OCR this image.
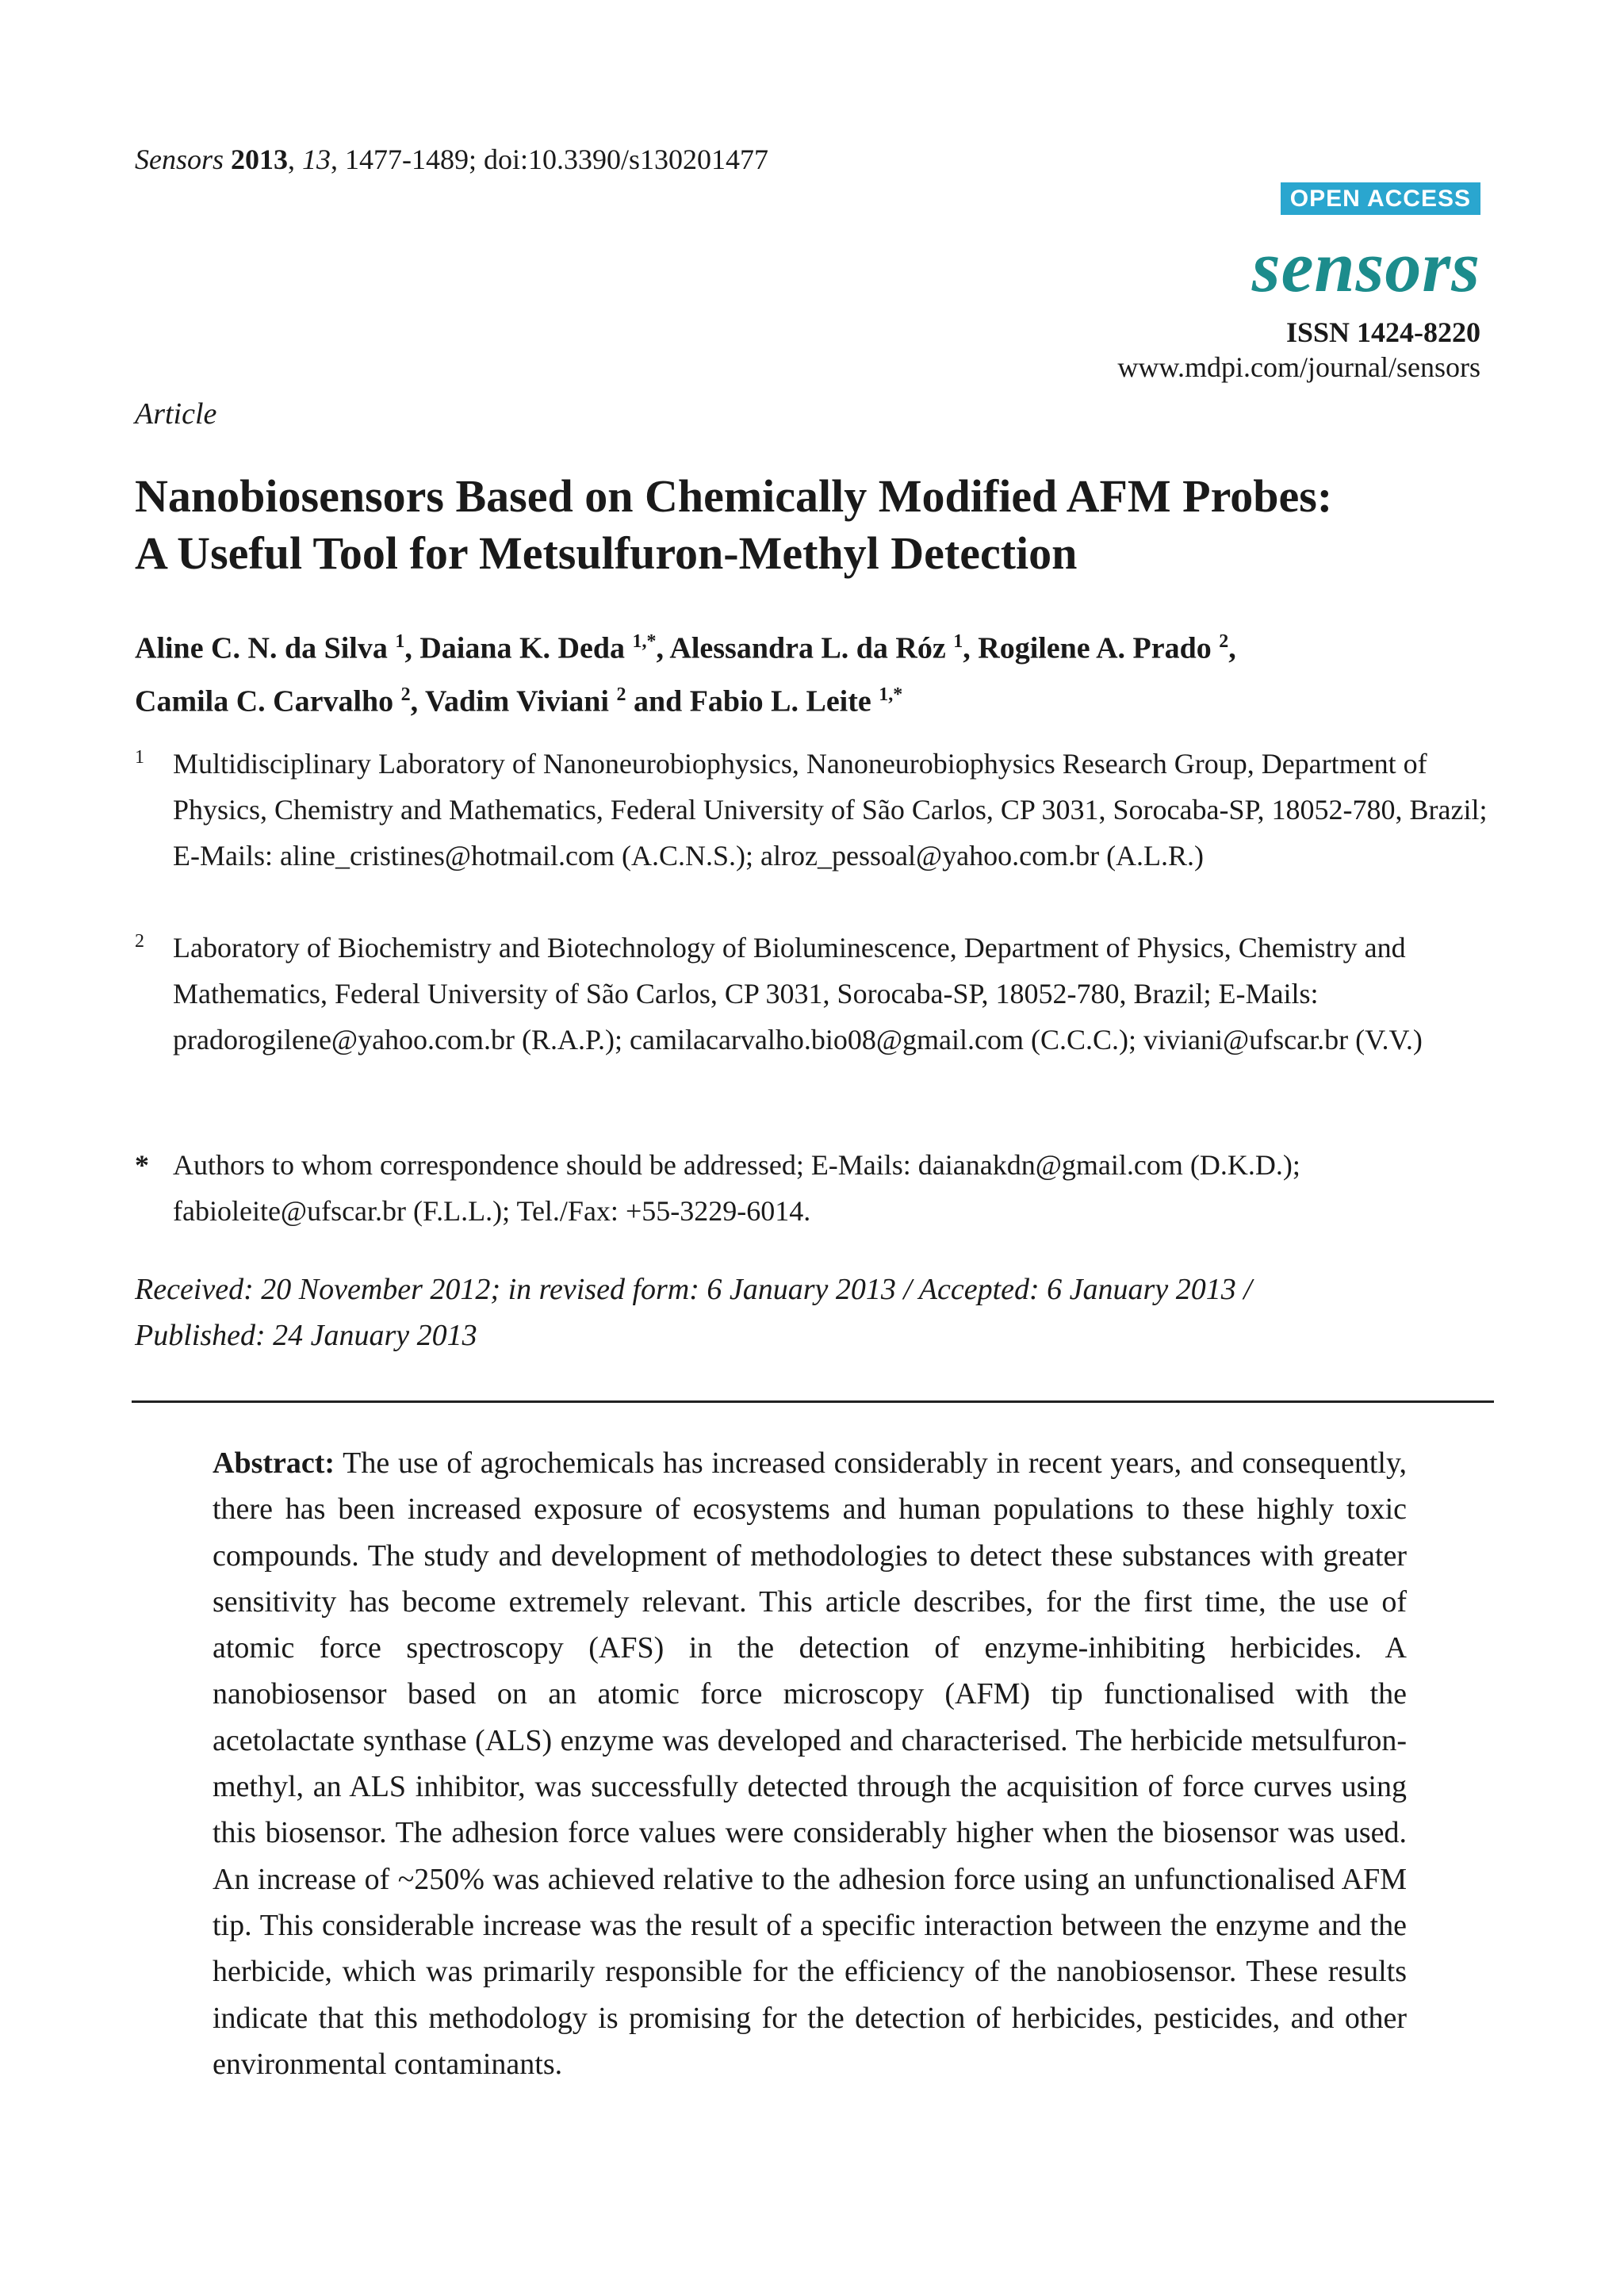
Sensors 2013, 13, 1477-1489; doi:10.3390/s130201477
OPEN ACCESS
sensors
ISSN 1424-8220
www.mdpi.com/journal/sensors
Article
Nanobiosensors Based on Chemically Modified AFM Probes:
A Useful Tool for Metsulfuron-Methyl Detection
Aline C. N. da Silva $^1$, Daiana K. Deda $^{1,*}$, Alessandra L. da Róz $^1$, Rogilene A. Prado $^2$,
Camila C. Carvalho $^2$, Vadim Viviani $^2$ and Fabio L. Leite $^{1,*}$
1 Multidisciplinary Laboratory of Nanoneurobiophysics, Nanoneurobiophysics Research Group, Department of Physics, Chemistry and Mathematics, Federal University of São Carlos, CP 3031, Sorocaba-SP, 18052-780, Brazil; E-Mails: aline_cristines@hotmail.com (A.C.N.S.); alroz_pessoal@yahoo.com.br (A.L.R.)
2 Laboratory of Biochemistry and Biotechnology of Bioluminescence, Department of Physics, Chemistry and Mathematics, Federal University of São Carlos, CP 3031, Sorocaba-SP, 18052-780, Brazil; E-Mails: pradorogilene@yahoo.com.br (R.A.P.); camilacarvalho.bio08@gmail.com (C.C.C.); viviani@ufscar.br (V.V.)
* Authors to whom correspondence should be addressed; E-Mails: daianakdn@gmail.com (D.K.D.); fabioleite@ufscar.br (F.L.L.); Tel./Fax: +55-3229-6014.
Received: 20 November 2012; in revised form: 6 January 2013 / Accepted: 6 January 2013 /
Published: 24 January 2013
Abstract: The use of agrochemicals has increased considerably in recent years, and consequently, there has been increased exposure of ecosystems and human populations to these highly toxic compounds. The study and development of methodologies to detect these substances with greater sensitivity has become extremely relevant. This article describes, for the first time, the use of atomic force spectroscopy (AFS) in the detection of enzyme-inhibiting herbicides. A nanobiosensor based on an atomic force microscopy (AFM) tip functionalised with the acetolactate synthase (ALS) enzyme was developed and characterised. The herbicide metsulfuron-methyl, an ALS inhibitor, was successfully detected through the acquisition of force curves using this biosensor. The adhesion force values were considerably higher when the biosensor was used. An increase of ~250% was achieved relative to the adhesion force using an unfunctionalised AFM tip. This considerable increase was the result of a specific interaction between the enzyme and the herbicide, which was primarily responsible for the efficiency of the nanobiosensor. These results indicate that this methodology is promising for the detection of herbicides, pesticides, and other environmental contaminants.
